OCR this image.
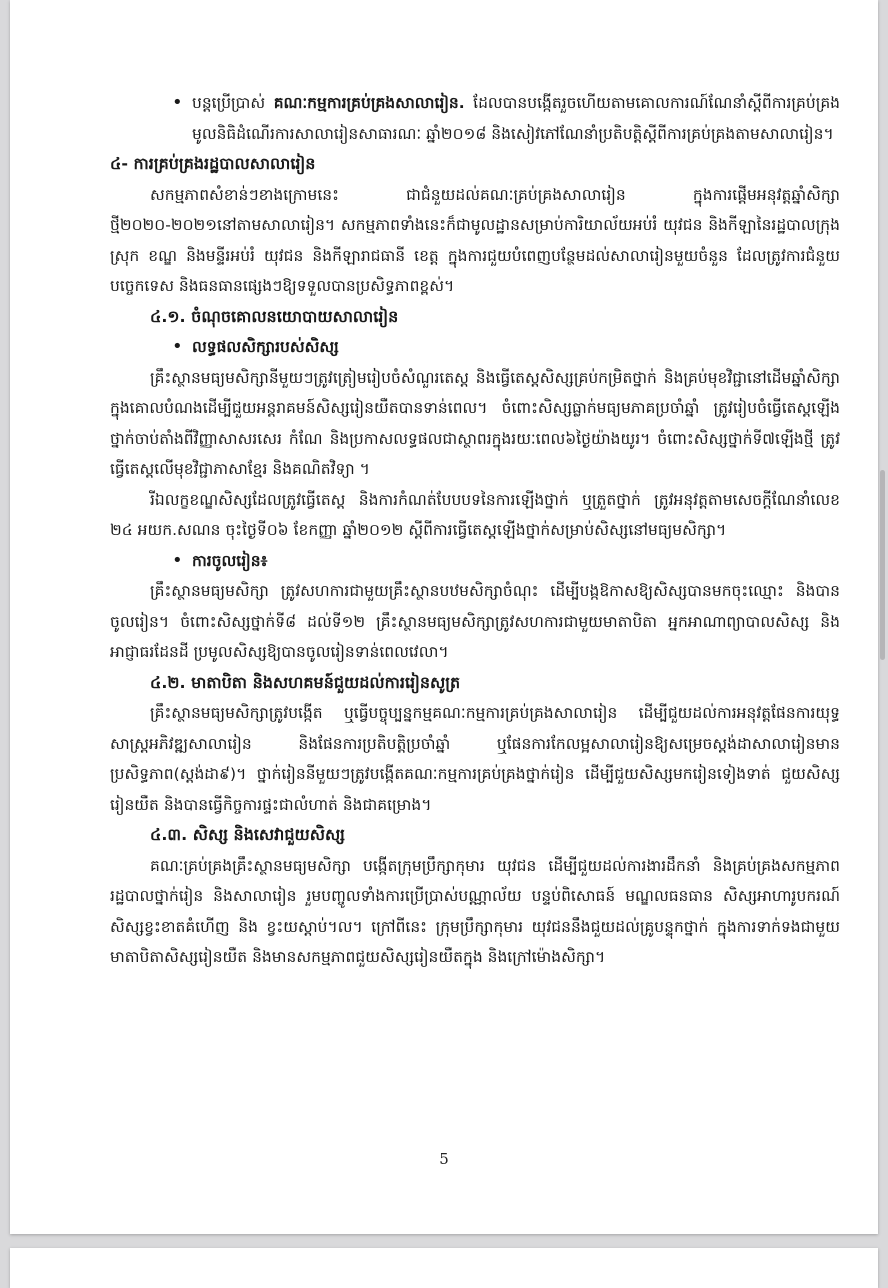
• បន្តប្រើប្រាស់ គណៈកម្មការគ្រប់គ្រងសាលារៀន. ដែលបានបង្កើតរួចហើយតាមគោលការណ៍ណែនាំស្តីពីការគ្រប់គ្រងមូលនិធិដំណើរការសាលារៀនសាធារណៈ ឆ្នាំ២០១៨ និងសៀវភៅណែនាំប្រតិបត្តិស្តីពីការគ្រប់គ្រងតាមសាលារៀន។
៤- ការគ្រប់គ្រងរដ្ឋបាលសាលារៀន

សកម្មភាពសំខាន់ៗខាងក្រោមនេះ ជាជំនួយដល់គណៈគ្រប់គ្រងសាលារៀន ក្នុងការផ្តើមអនុវត្តឆ្នាំសិក្សាថ្មី២០២០-២០២១នៅតាមសាលារៀន។ សកម្មភាពទាំងនេះក៏ជាមូលដ្ឋានសម្រាប់ការិយាល័យអប់រំ យុវជន និងកីឡានៃរដ្ឋបាលក្រុង ស្រុក ខណ្ឌ និងមន្ទីរអប់រំ យុវជន និងកីឡារាជធានី ខេត្ត ក្នុងការជួយបំពេញបន្ថែមដល់សាលារៀនមួយចំនួន ដែលត្រូវការជំនួយបច្ចេកទេស និងធនធានផ្សេងៗឱ្យទទួលបានប្រសិទ្ធភាពខ្ពស់។

៤.១. ចំណុចគោលនយោបាយសាលារៀន
• លទ្ធផលសិក្សារបស់សិស្ស

គ្រឹះស្ថានមធ្យមសិក្សានីមួយៗត្រូវត្រៀមរៀបចំសំណួរតេស្ត និងធ្វើតេស្តសិស្សគ្រប់កម្រិតថ្នាក់ និងគ្រប់មុខវិជ្ជានៅដើមឆ្នាំសិក្សា ក្នុងគោលបំណងដើម្បីជួយអន្តរាគមន៍សិស្សរៀនយឺតបានទាន់ពេល។ ចំពោះសិស្សធ្លាក់មធ្យមភាគប្រចាំឆ្នាំ ត្រូវរៀបចំធ្វើតេស្តឡើងថ្នាក់ចាប់តាំងពីវិញ្ញាសាសរសេរ កំណែ និងប្រកាសលទ្ធផលជាស្ថាពរក្នុងរយៈពេល៦ថ្ងៃយ៉ាងយូរ។ ចំពោះសិស្សថ្នាក់ទី៧ឡើងថ្មី ត្រូវធ្វើតេស្តលើមុខវិជ្ជាភាសាខ្មែរ និងគណិតវិទ្យា ។

រីឯលក្ខខណ្ឌសិស្សដែលត្រូវធ្វើតេស្ត និងការកំណត់បែបបទនៃការឡើងថ្នាក់ ឬត្រួតថ្នាក់ ត្រូវអនុវត្តតាមសេចក្តីណែនាំលេខ ២៤ អយក.សណន ចុះថ្ងៃទី០៦ ខែកញ្ញា ឆ្នាំ២០១២ ស្តីពីការធ្វើតេស្តឡើងថ្នាក់សម្រាប់សិស្សនៅមធ្យមសិក្សា។

• ការចូលរៀន៖

គ្រឹះស្ថានមធ្យមសិក្សា ត្រូវសហការជាមួយគ្រឹះស្ថានបឋមសិក្សាចំណុះ ដើម្បីបង្កឱកាសឱ្យសិស្សបានមកចុះឈ្មោះ និងបានចូលរៀន។ ចំពោះសិស្សថ្នាក់ទី៨ ដល់ទី១២ គ្រឹះស្ថានមធ្យមសិក្សាត្រូវសហការជាមួយមាតាបិតា អ្នកអាណាព្យាបាលសិស្ស និងអាជ្ញាធរដែនដី ប្រមូលសិស្សឱ្យបានចូលរៀនទាន់ពេលវេលា។

៤.២. មាតាបិតា និងសហគមន៍ជួយដល់ការរៀនសូត្រ

គ្រឹះស្ថានមធ្យមសិក្សាត្រូវបង្កើត ឬធ្វើបច្ចុប្បន្នកម្មគណៈកម្មការគ្រប់គ្រងសាលារៀន ដើម្បីជួយដល់ការអនុវត្តផែនការយុទ្ធសាស្ត្រអភិវឌ្ឍសាលារៀន និងផែនការប្រតិបត្តិប្រចាំឆ្នាំ ឬផែនការកែលម្អសាលារៀនឱ្យសម្រេចស្តង់ដាសាលារៀនមានប្រសិទ្ធភាព(ស្តង់ដា៩)។ ថ្នាក់រៀននីមួយៗត្រូវបង្កើតគណៈកម្មការគ្រប់គ្រងថ្នាក់រៀន ដើម្បីជួយសិស្សមករៀនទៀងទាត់ ជួយសិស្សរៀនយឺត និងបានធ្វើកិច្ចការផ្ទះជាលំហាត់ និងជាគម្រោង។

៤.៣. សិស្ស និងសេវាជួយសិស្ស

គណៈគ្រប់គ្រងគ្រឹះស្ថានមធ្យមសិក្សា បង្កើតក្រុមប្រឹក្សាកុមារ យុវជន ដើម្បីជួយដល់ការងារដឹកនាំ និងគ្រប់គ្រងសកម្មភាពរដ្ឋបាលថ្នាក់រៀន និងសាលារៀន រួមបញ្ចូលទាំងការប្រើប្រាស់បណ្ណាល័យ បន្ទប់ពិសោធន៍ មណ្ឌលធនធាន សិស្សអាហារូបករណ៍ សិស្សខ្វះខាតគំហើញ និង ខ្វះយស្តាប់។ល។ ក្រៅពីនេះ ក្រុមប្រឹក្សាកុមារ យុវជននឹងជួយដល់គ្រូបន្ទុកថ្នាក់ ក្នុងការទាក់ទងជាមួយមាតាបិតាសិស្សរៀនយឺត និងមានសកម្មភាពជួយសិស្សរៀនយឺតក្នុង និងក្រៅម៉ោងសិក្សា។

5
